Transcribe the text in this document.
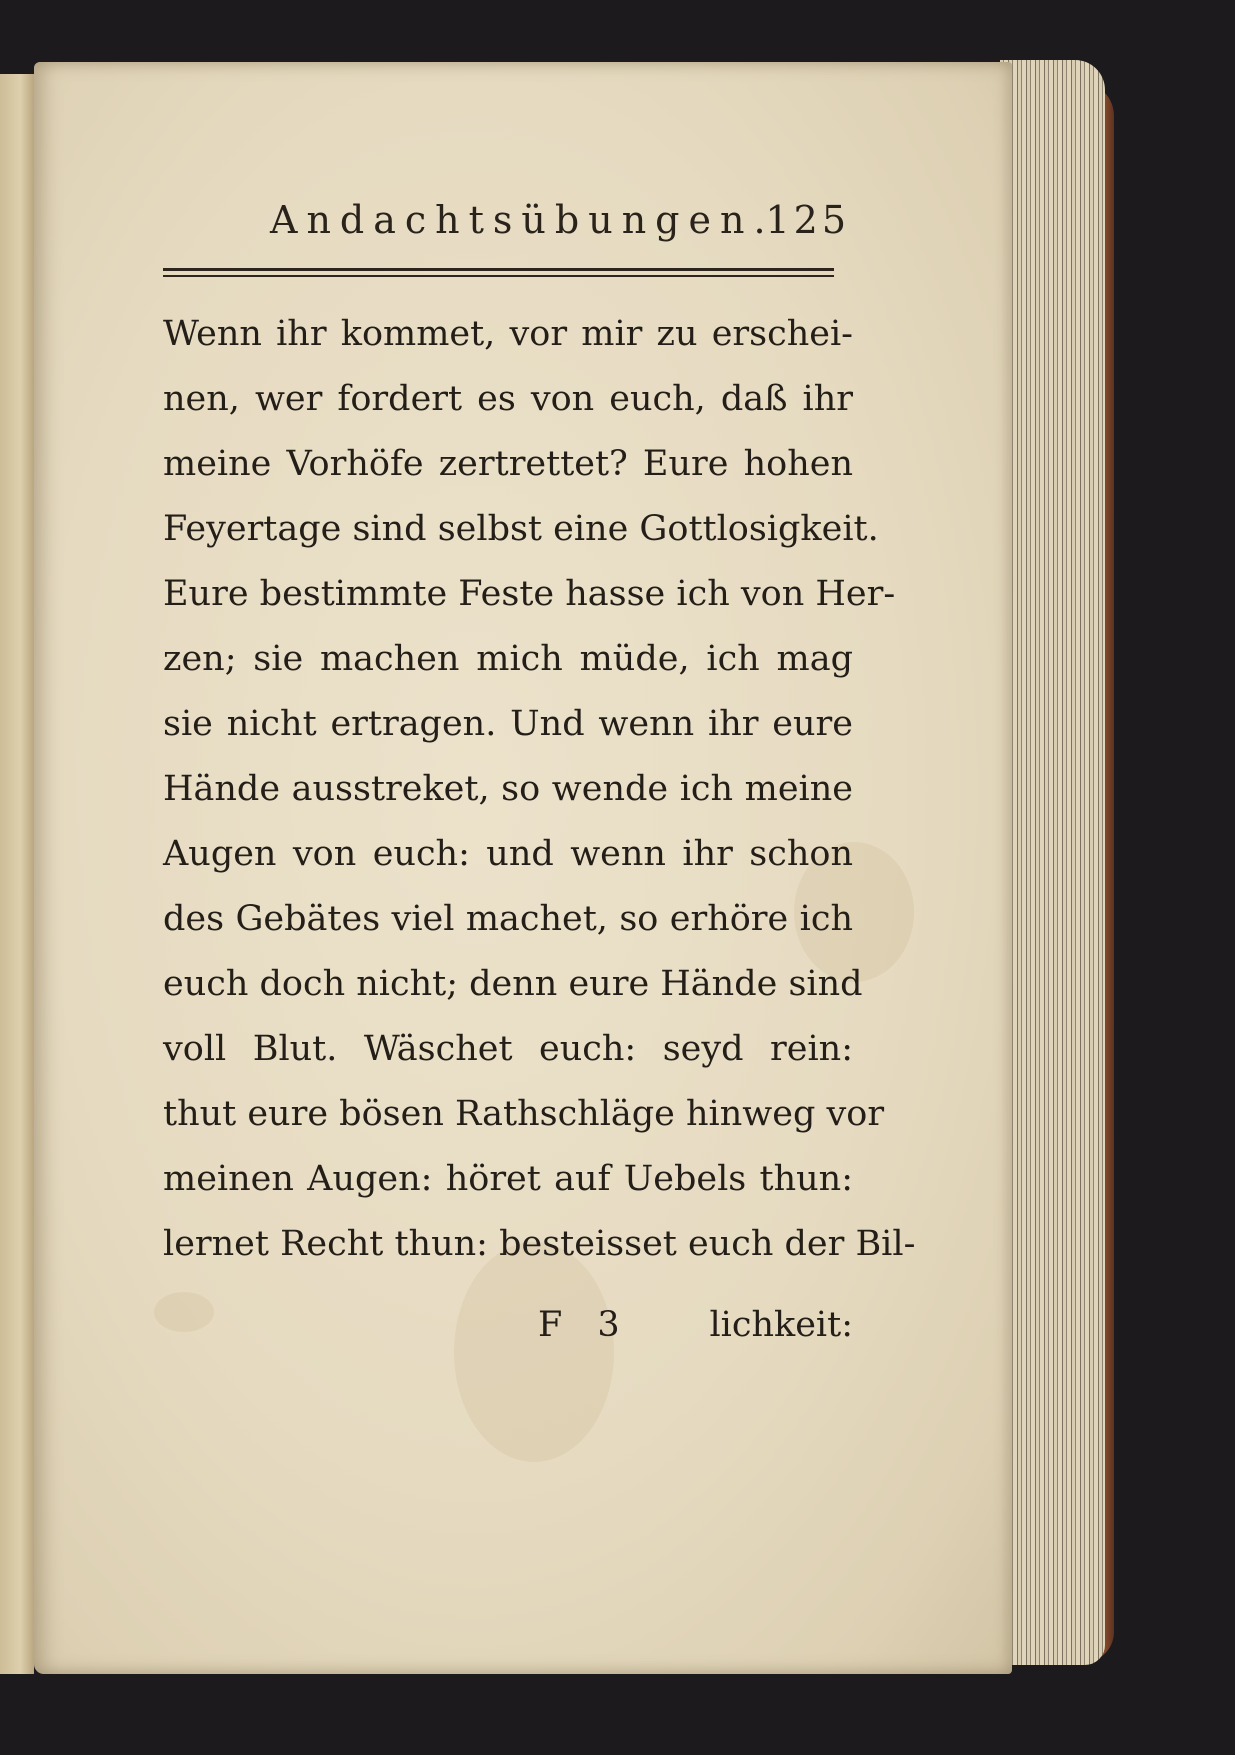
Andachtsübungen.
125
Wenn ihr kommet, vor mir zu erschei-
nen, wer fordert es von euch, daß ihr
meine Vorhöfe zertrettet? Eure hohen
Feyertage sind selbst eine Gottlosigkeit.
Eure bestimmte Feste hasse ich von Her-
zen; sie machen mich müde, ich mag
sie nicht ertragen. Und wenn ihr eure
Hände ausstreket, so wende ich meine
Augen von euch: und wenn ihr schon
des Gebätes viel machet, so erhöre ich
euch doch nicht; denn eure Hände sind
voll Blut. Wäschet euch: seyd rein:
thut eure bösen Rathschläge hinweg vor
meinen Augen: höret auf Uebels thun:
lernet Recht thun: besteisset euch der Bil-
F 3 lichkeit:
